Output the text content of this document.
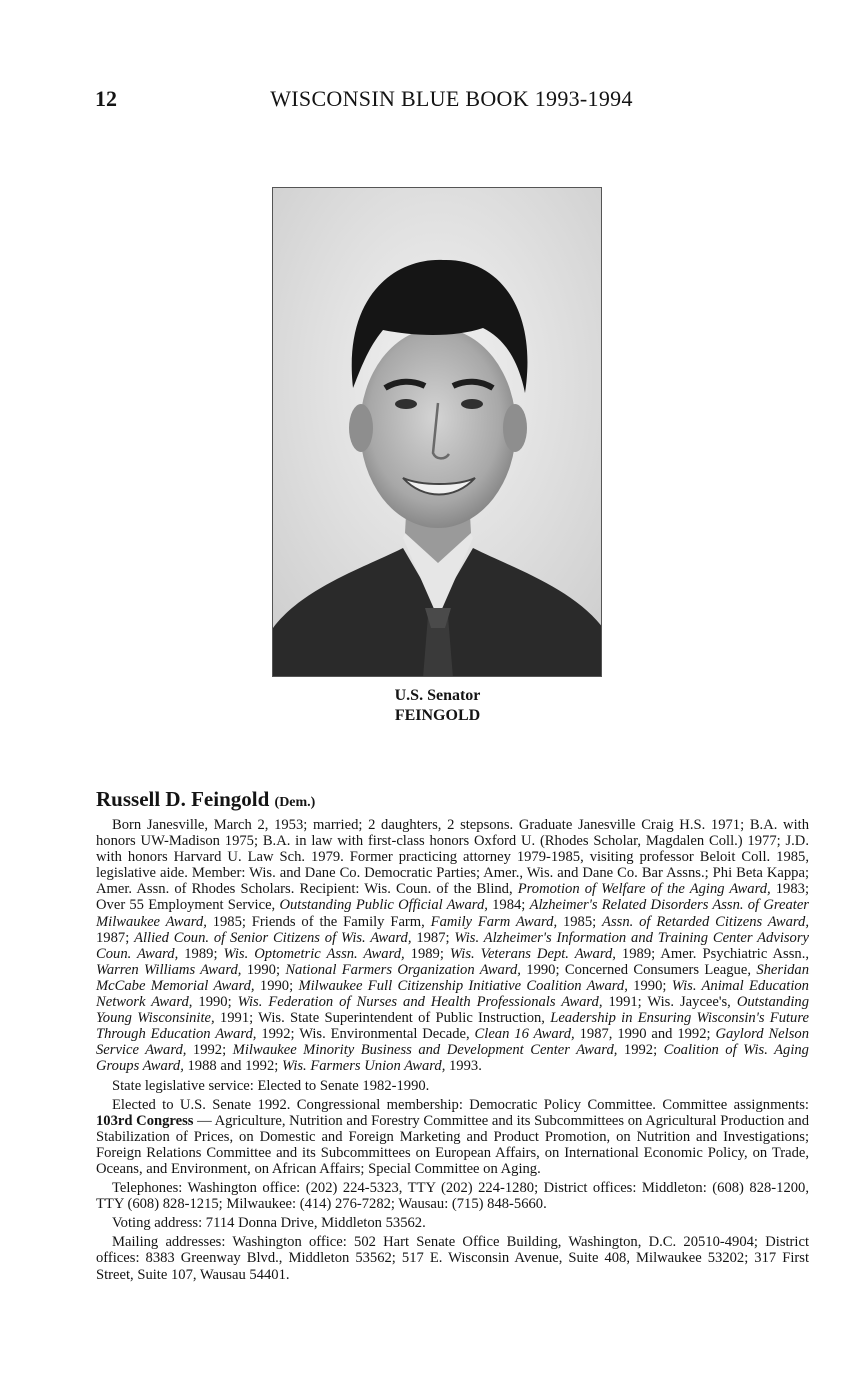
12	WISCONSIN BLUE BOOK 1993-1994
U.S. Senator
FEINGOLD
Russell D. Feingold (Dem.)

Born Janesville, March 2, 1953; married; 2 daughters, 2 stepsons. Graduate Janesville Craig H.S. 1971; B.A. with honors UW-Madison 1975; B.A. in law with first-class honors Oxford U. (Rhodes Scholar, Magdalen Coll.) 1977; J.D. with honors Harvard U. Law Sch. 1979. Former practicing attorney 1979-1985, visiting professor Beloit Coll. 1985, legislative aide. Member: Wis. and Dane Co. Democratic Parties; Amer., Wis. and Dane Co. Bar Assns.; Phi Beta Kappa; Amer. Assn. of Rhodes Scholars. Recipient: Wis. Coun. of the Blind, Promotion of Welfare of the Aging Award, 1983; Over 55 Employment Service, Outstanding Public Official Award, 1984; Alzheimer's Related Disorders Assn. of Greater Milwaukee Award, 1985; Friends of the Family Farm, Family Farm Award, 1985; Assn. of Retarded Citizens Award, 1987; Allied Coun. of Senior Citizens of Wis. Award, 1987; Wis. Alzheimer's Information and Training Center Advisory Coun. Award, 1989; Wis. Optometric Assn. Award, 1989; Wis. Veterans Dept. Award, 1989; Amer. Psychiatric Assn., Warren Williams Award, 1990; National Farmers Organization Award, 1990; Concerned Consumers League, Sheridan McCabe Memorial Award, 1990; Milwaukee Full Citizenship Initiative Coalition Award, 1990; Wis. Animal Education Network Award, 1990; Wis. Federation of Nurses and Health Professionals Award, 1991; Wis. Jaycee's, Outstanding Young Wisconsinite, 1991; Wis. State Superintendent of Public Instruction, Leadership in Ensuring Wisconsin's Future Through Education Award, 1992; Wis. Environmental Decade, Clean 16 Award, 1987, 1990 and 1992; Gaylord Nelson Service Award, 1992; Milwaukee Minority Business and Development Center Award, 1992; Coalition of Wis. Aging Groups Award, 1988 and 1992; Wis. Farmers Union Award, 1993.

State legislative service: Elected to Senate 1982-1990.

Elected to U.S. Senate 1992. Congressional membership: Democratic Policy Committee. Committee assignments: 103rd Congress — Agriculture, Nutrition and Forestry Committee and its Subcommittees on Agricultural Production and Stabilization of Prices, on Domestic and Foreign Marketing and Product Promotion, on Nutrition and Investigations; Foreign Relations Committee and its Subcommittees on European Affairs, on International Economic Policy, on Trade, Oceans, and Environment, on African Affairs; Special Committee on Aging.

Telephones: Washington office: (202) 224-5323, TTY (202) 224-1280; District offices: Middleton: (608) 828-1200, TTY (608) 828-1215; Milwaukee: (414) 276-7282; Wausau: (715) 848-5660.

Voting address: 7114 Donna Drive, Middleton 53562.

Mailing addresses: Washington office: 502 Hart Senate Office Building, Washington, D.C. 20510-4904; District offices: 8383 Greenway Blvd., Middleton 53562; 517 E. Wisconsin Avenue, Suite 408, Milwaukee 53202; 317 First Street, Suite 107, Wausau 54401.
